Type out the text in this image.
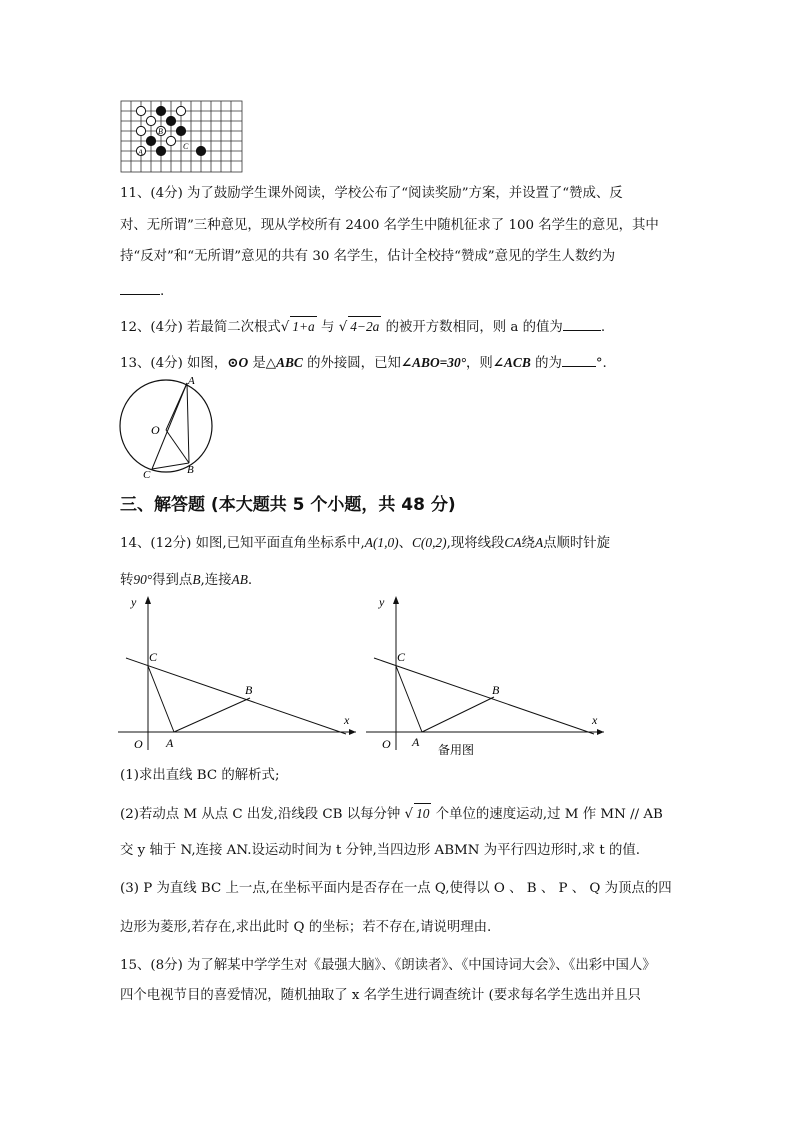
A
B
C
11、(4分) 为了鼓励学生课外阅读，学校公布了“阅读奖励”方案，并设置了“赞成、反
对、无所谓”三种意见，现从学校所有 2400 名学生中随机征求了 100 名学生的意见，其中
持“反对”和“无所谓”意见的共有 30 名学生，估计全校持“赞成”意见的学生人数约为
.
12、(4分) 若最简二次根式√ 1+a 与 √ 4−2a 的被开方数相同，则 a 的值为	.
13、(4分) 如图，⊙O 是△ABC 的外接圆，已知∠ABO=30°，则∠ACB 的为	°.
A
O
C	B
三、解答题 (本大题共 5 个小题，共 48 分)
14、(12分) 如图,已知平面直角坐标系中,A(1,0)、C(0,2),现将线段CA绕A点顺时针旋
转90°得到点B,连接AB.
y
C
B
x
O A
y
C
B
x
O A
备用图
(1)求出直线 BC 的解析式;
(2)若动点 M 从点 C 出发,沿线段 CB 以每分钟 √ 10 个单位的速度运动,过 M 作 MN // AB
交 y 轴于 N,连接 AN.设运动时间为 t 分钟,当四边形 ABMN 为平行四边形时,求 t 的值.
(3) P 为直线 BC 上一点,在坐标平面内是否存在一点 Q,使得以 O 、 B 、 P 、 Q 为顶点的四
边形为菱形,若存在,求出此时 Q 的坐标；若不存在,请说明理由.
15、(8分) 为了解某中学学生对《最强大脑》、《朗读者》、《中国诗词大会》、《出彩中国人》
四个电视节目的喜爱情况，随机抽取了 x 名学生进行调查统计 (要求每名学生选出并且只
